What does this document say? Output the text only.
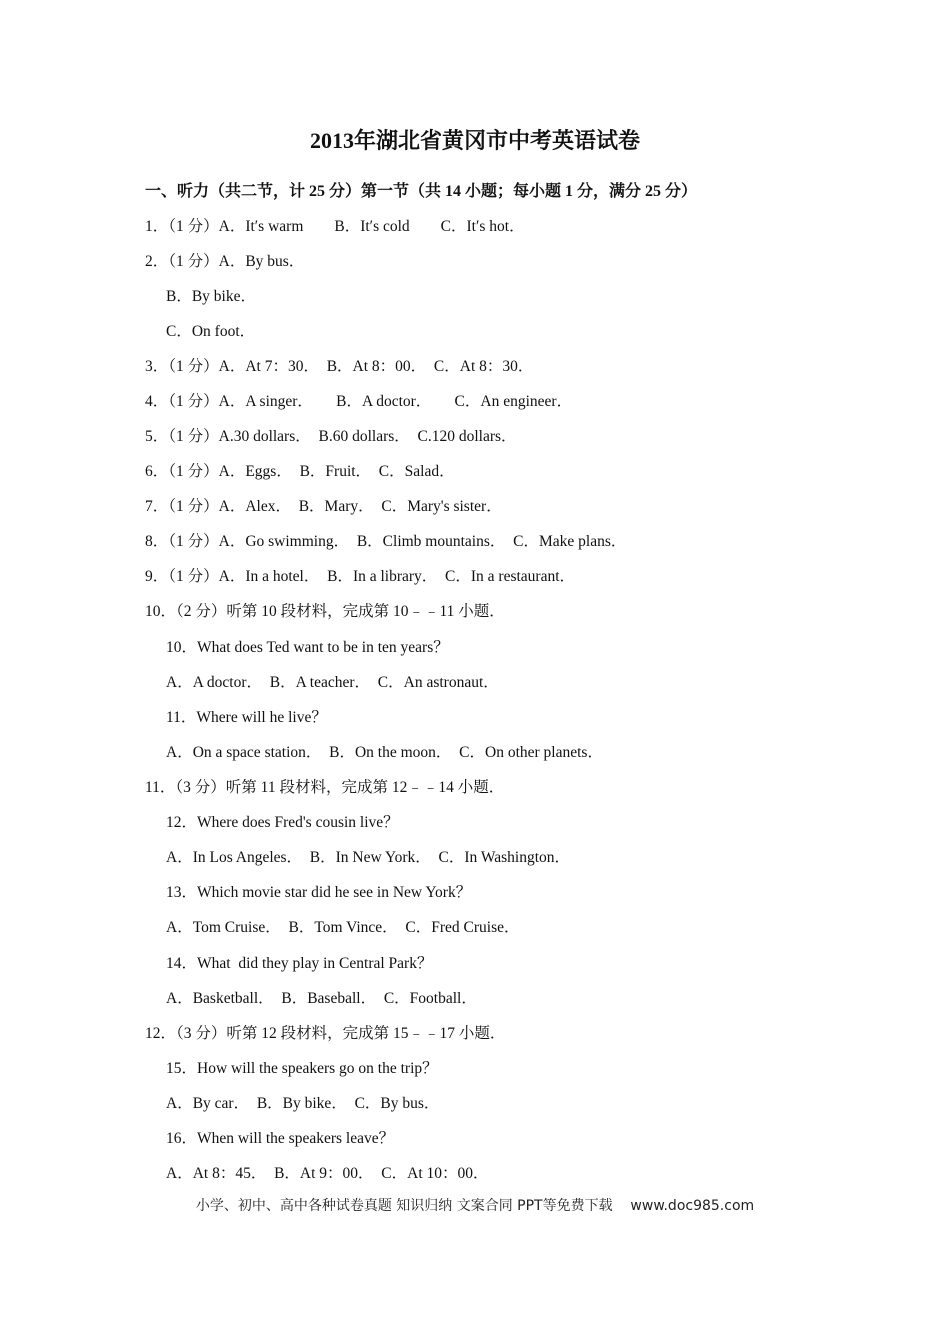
2013年湖北省黄冈市中考英语试卷
一、听力（共二节，计 25 分）第一节（共 14 小题；每小题 1 分，满分 25 分）
1．（1 分）A．It′s warm　　B．It′s cold　　C．It′s hot．
2．（1 分）A．By bus．
B．By bike．
C．On foot．
3．（1 分）A．At 7：30．　B．At 8：00．　C．At 8：30．
4．（1 分）A．A singer．　　B．A doctor．　　C．An engineer．
5．（1 分）A.30 dollars．　B.60 dollars．　C.120 dollars．
6．（1 分）A．Eggs．　B．Fruit．　C．Salad．
7．（1 分）A．Alex．　B．Mary．　C．Mary's sister．
8．（1 分）A．Go swimming．　B．Climb mountains．　C．Make plans．
9．（1 分）A．In a hotel．　B．In a library．　C．In a restaurant．
10．（2 分）听第 10 段材料，完成第 10﹣﹣11 小题．
10．What does Ted want to be in ten years？
A．A doctor．　B．A teacher．　C．An astronaut．
11．Where will he live？
A．On a space station．　B．On the moon．　C．On other planets．
11．（3 分）听第 11 段材料，完成第 12﹣﹣14 小题．
12．Where does Fred's cousin live？
A．In Los Angeles．　B．In New York．　C．In Washington．
13．Which movie star did he see in New York？
A．Tom Cruise．　B．Tom Vince．　C．Fred Cruise．
14．What  did they play in Central Park？
A．Basketball．　B．Baseball．　C．Football．
12．（3 分）听第 12 段材料，完成第 15﹣﹣17 小题．
15．How will the speakers go on the trip？
A．By car．　B．By bike．　C．By bus．
16．When will the speakers leave？
A．At 8：45．　B．At 9：00．　C．At 10：00．
小学、初中、高中各种试卷真题 知识归纳 文案合同 PPT等免费下载    www.doc985.com
